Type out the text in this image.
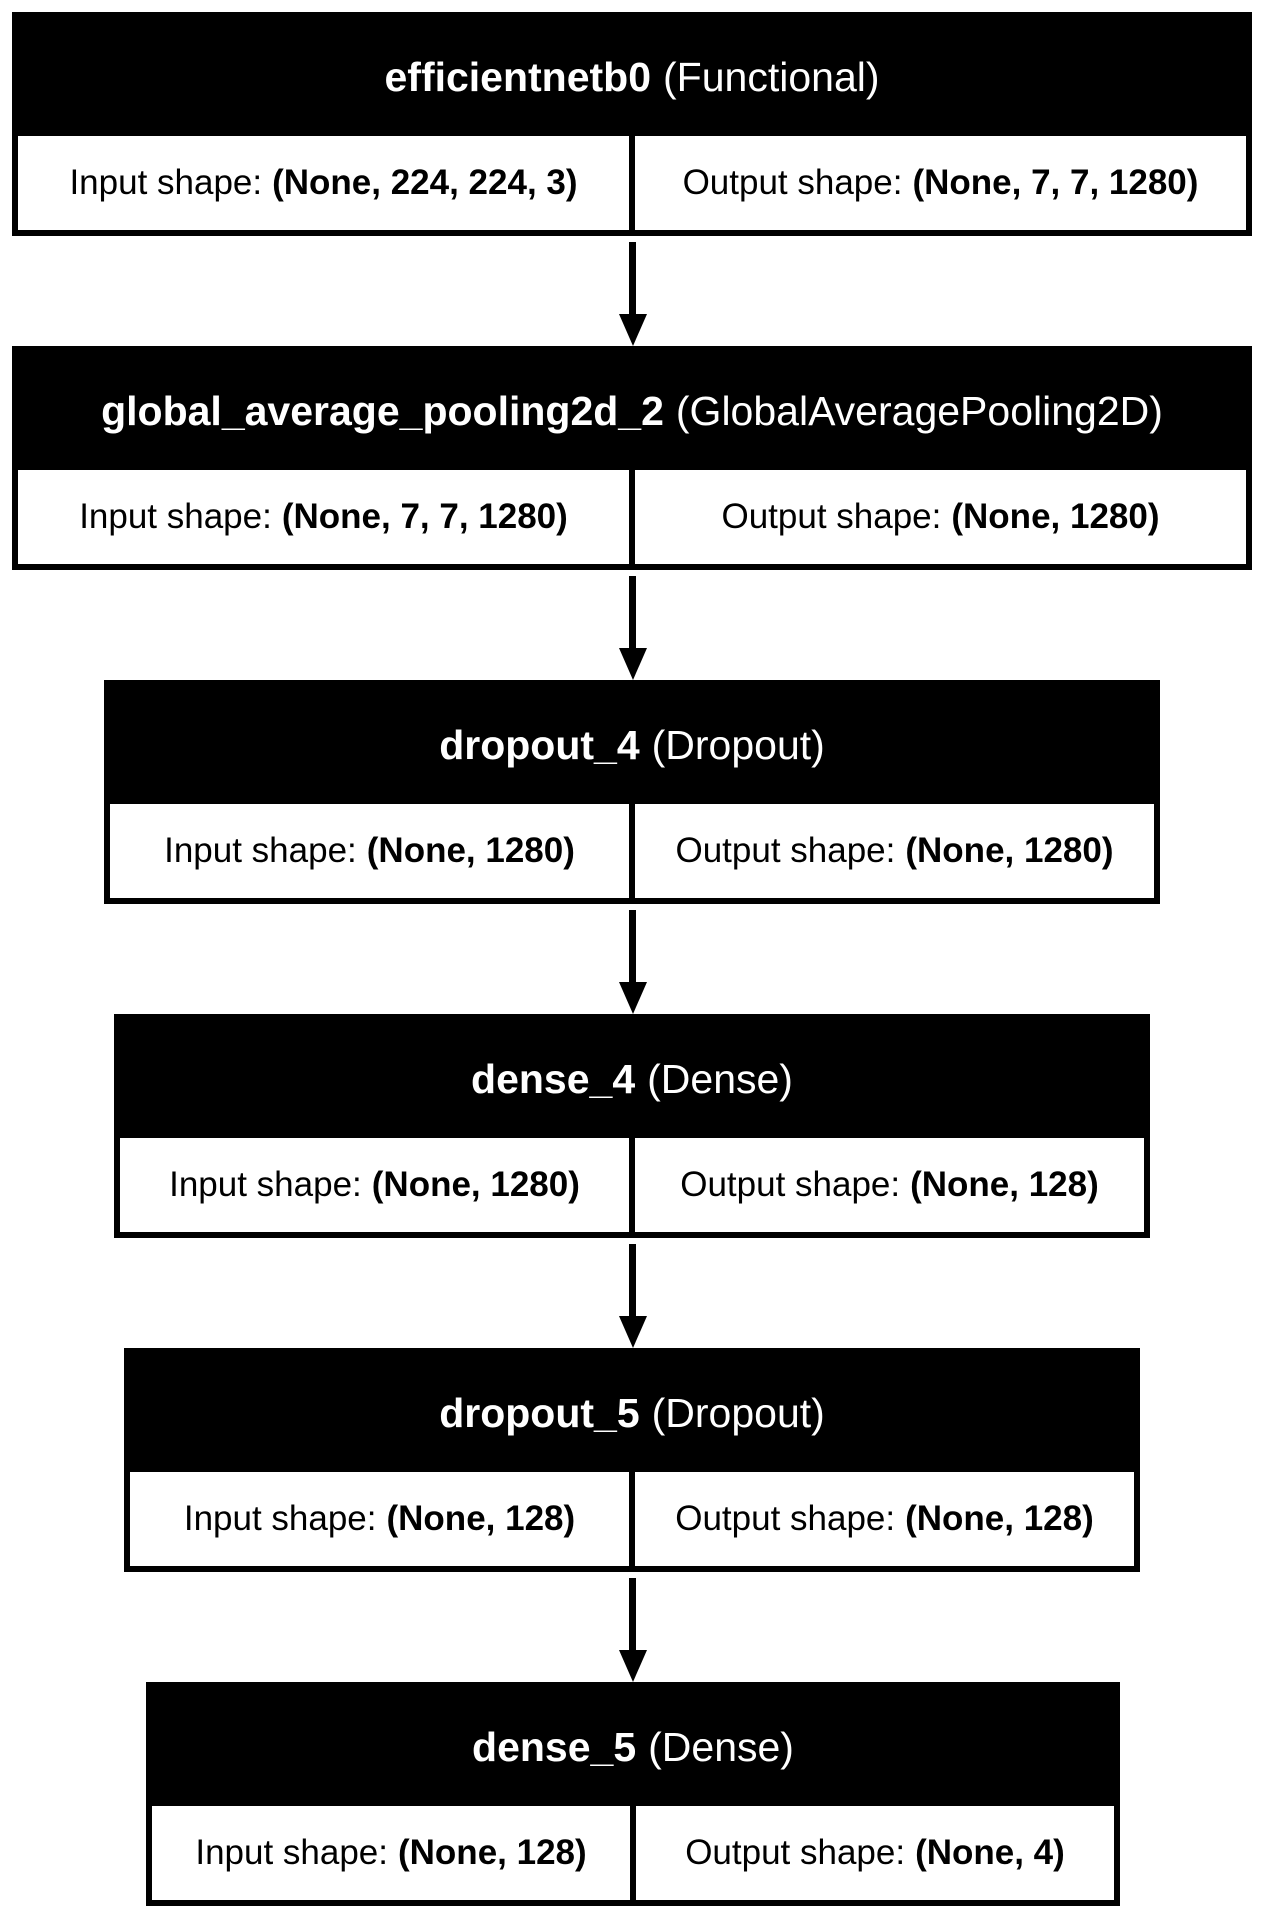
efficientnetb0 (Functional)
Input shape: (None, 224, 224, 3)	Output shape: (None, 7, 7, 1280)
global_average_pooling2d_2 (GlobalAveragePooling2D)
Input shape: (None, 7, 7, 1280)	Output shape: (None, 1280)
dropout_4 (Dropout)
Input shape: (None, 1280)	Output shape: (None, 1280)
dense_4 (Dense)
Input shape: (None, 1280)	Output shape: (None, 128)
dropout_5 (Dropout)
Input shape: (None, 128)	Output shape: (None, 128)
dense_5 (Dense)
Input shape: (None, 128)	Output shape: (None, 4)
